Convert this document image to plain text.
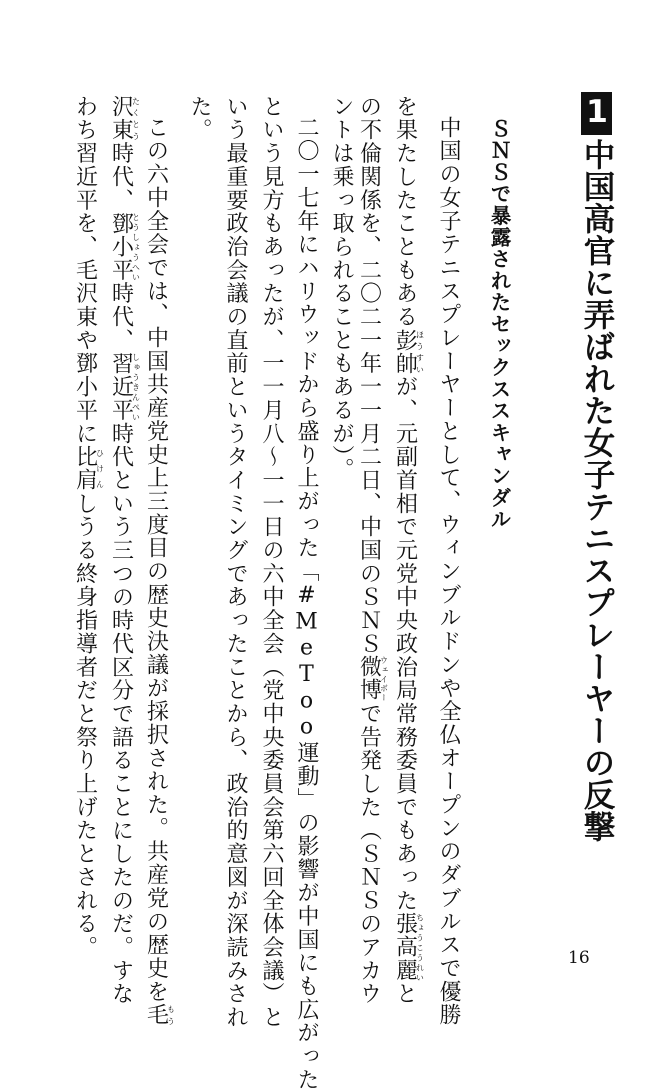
1中国高官に弄ばれた女子テニスプレーヤーの反撃
ＳＮＳで暴露されたセックススキャンダル
中国の女子テニスプレーヤーとして、ウィンブルドンや全仏オープンのダブルスで優勝
を果たしたこともある彭帥ほうすいが、元副首相で元党中央政治局常務委員でもあった張高麗ちょうこうれいと
の不倫関係を、二〇二一年一一月二日、中国のＳＮＳ微博ウェイボーで告発した（ＳＮＳのアカウ
ントは乗っ取られることもあるが）。
二〇一七年にハリウッドから盛り上がった「#MeToo運動」の影響が中国にも広がった
という見方もあったが、一一月八～一一日の六中全会（党中央委員会第六回全体会議）と
いう最重要政治会議の直前というタイミングであったことから、政治的意図が深読みされ
た。
この六中全会では、中国共産党史上三度目の歴史決議が採択された。共産党の歴史を毛もう
沢東たくとう時代、鄧小平とうしょうへい時代、習近平しゅうきんぺい時代という三つの時代区分で語ることにしたのだ。すな
わち習近平を、毛沢東や鄧小平に比肩ひけんしうる終身指導者だと祭り上げたとされる。	16
